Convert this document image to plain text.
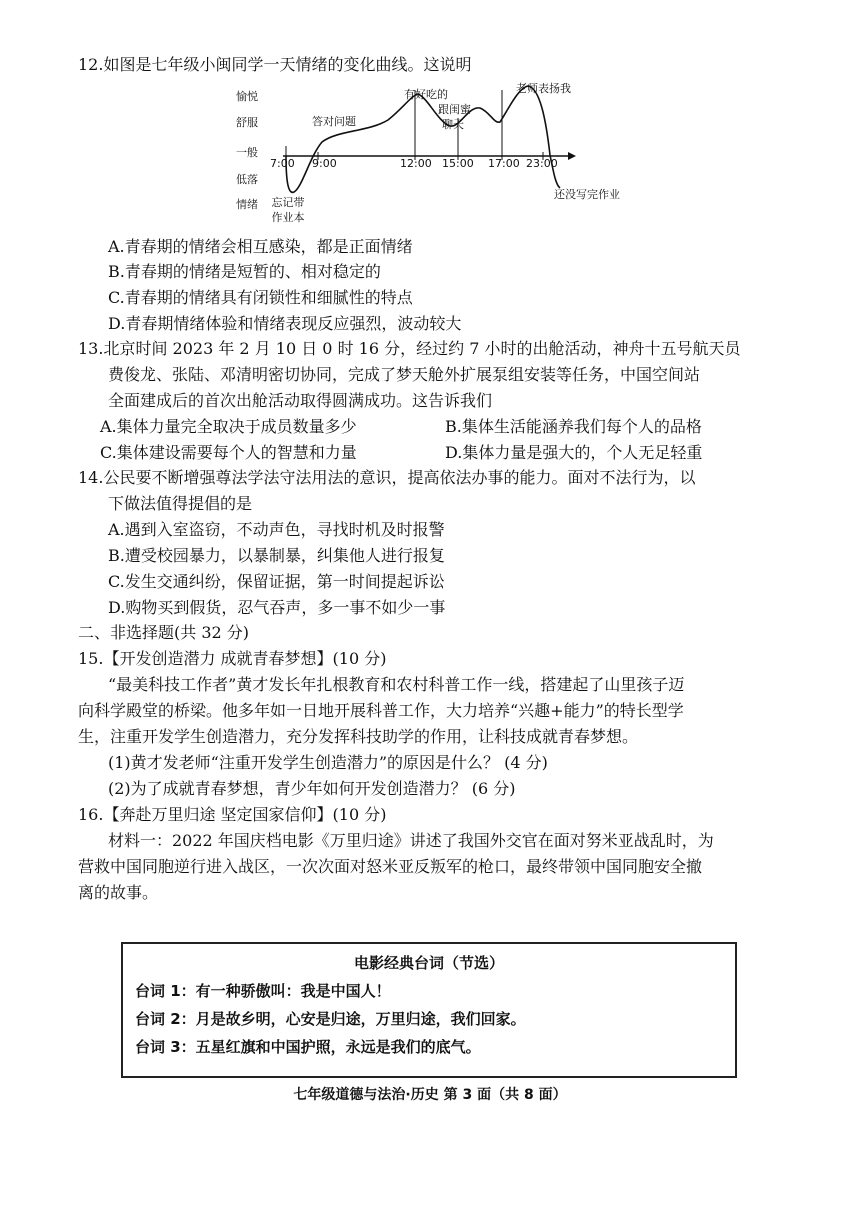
12.如图是七年级小闽同学一天情绪的变化曲线。这说明
愉悦
舒服
一般
低落
情绪
7:00 9:00	12:00 15:00 17:00 23:00
忘记带
作业本
答对问题
有好吃的
跟闺蜜
聊天
老师表扬我
还没写完作业
A.青春期的情绪会相互感染，都是正面情绪
B.青春期的情绪是短暂的、相对稳定的
C.青春期的情绪具有闭锁性和细腻性的特点
D.青春期情绪体验和情绪表现反应强烈，波动较大
13.北京时间 2023 年 2 月 10 日 0 时 16 分，经过约 7 小时的出舱活动，神舟十五号航天员
费俊龙、张陆、邓清明密切协同，完成了梦天舱外扩展泵组安装等任务，中国空间站
全面建成后的首次出舱活动取得圆满成功。这告诉我们
A.集体力量完全取决于成员数量多少	B.集体生活能涵养我们每个人的品格
C.集体建设需要每个人的智慧和力量	D.集体力量是强大的，个人无足轻重
14.公民要不断增强尊法学法守法用法的意识，提高依法办事的能力。面对不法行为，以
下做法值得提倡的是
A.遇到入室盗窃，不动声色，寻找时机及时报警
B.遭受校园暴力，以暴制暴，纠集他人进行报复
C.发生交通纠纷，保留证据，第一时间提起诉讼
D.购物买到假货，忍气吞声，多一事不如少一事
二、非选择题(共 32 分)
15.【开发创造潜力 成就青春梦想】(10 分)
“最美科技工作者”黄才发长年扎根教育和农村科普工作一线，搭建起了山里孩子迈
向科学殿堂的桥梁。他多年如一日地开展科普工作，大力培养“兴趣+能力”的特长型学
生，注重开发学生创造潜力，充分发挥科技助学的作用，让科技成就青春梦想。
(1)黄才发老师“注重开发学生创造潜力”的原因是什么？ (4 分)
(2)为了成就青春梦想，青少年如何开发创造潜力？ (6 分)
16.【奔赴万里归途 坚定国家信仰】(10 分)
材料一：2022 年国庆档电影《万里归途》讲述了我国外交官在面对努米亚战乱时，为
营救中国同胞逆行进入战区，一次次面对怒米亚反叛军的枪口，最终带领中国同胞安全撤
离的故事。
电影经典台词（节选）
台词 1：有一种骄傲叫：我是中国人！
台词 2：月是故乡明，心安是归途，万里归途，我们回家。
台词 3：五星红旗和中国护照，永远是我们的底气。
七年级道德与法治·历史 第 3 面（共 8 面）
